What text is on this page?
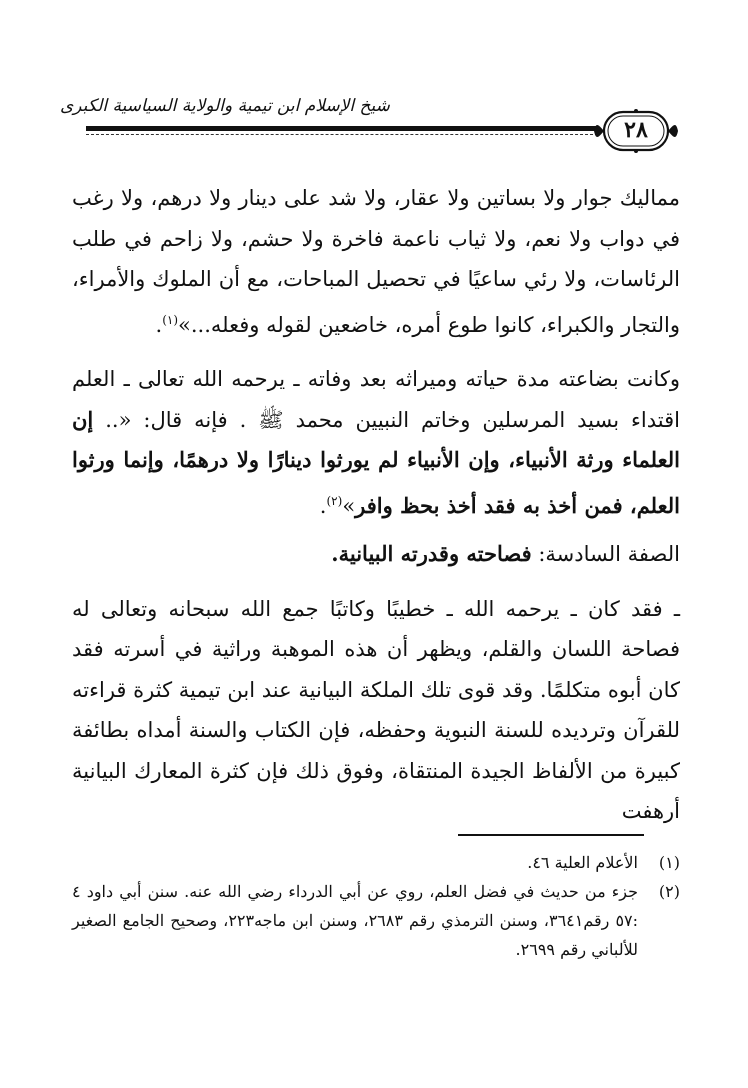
شيخ الإسلام ابن تيمية والولاية السياسية الكبرى
٢٨

مماليك جوار ولا بساتين ولا عقار، ولا شد على دينار ولا درهم، ولا رغب في دواب ولا نعم، ولا ثياب ناعمة فاخرة ولا حشم، ولا زاحم في طلب الرئاسات، ولا رئي ساعيًا في تحصيل المباحات، مع أن الملوك والأمراء، والتجار والكبراء، كانوا طوع أمره، خاضعين لقوله وفعله...»$^{(١)}$.

وكانت بضاعته مدة حياته وميراثه بعد وفاته ـ يرحمه الله تعالى ـ العلم اقتداء بسيد المرسلين وخاتم النبيين محمد ﷺ . فإنه قال: «.. إن العلماء ورثة الأنبياء، وإن الأنبياء لم يورثوا دينارًا ولا درهمًا، وإنما ورثوا العلم، فمن أخذ به فقد أخذ بحظ وافر»$^{(٢)}$.

الصفة السادسة: فصاحته وقدرته البيانية.

ـ فقد كان ـ يرحمه الله ـ خطيبًا وكاتبًا جمع الله سبحانه وتعالى له فصاحة اللسان والقلم، ويظهر أن هذه الموهبة وراثية في أسرته فقد كان أبوه متكلمًا. وقد قوى تلك الملكة البيانية عند ابن تيمية كثرة قراءته للقرآن وترديده للسنة النبوية وحفظه، فإن الكتاب والسنة أمداه بطائفة كبيرة من الألفاظ الجيدة المنتقاة، وفوق ذلك فإن كثرة المعارك البيانية أرهفت

(١)
الأعلام العلية ٤٦.

(٢)
جزء من حديث في فضل العلم، روي عن أبي الدرداء رضي الله عنه. سنن أبي داود ٤ :٥٧ رقم٣٦٤١، وسنن الترمذي رقم ٢٦٨٣، وسنن ابن ماجه٢٢٣، وصحيح الجامع الصغير للألباني رقم ٢٦٩٩.
